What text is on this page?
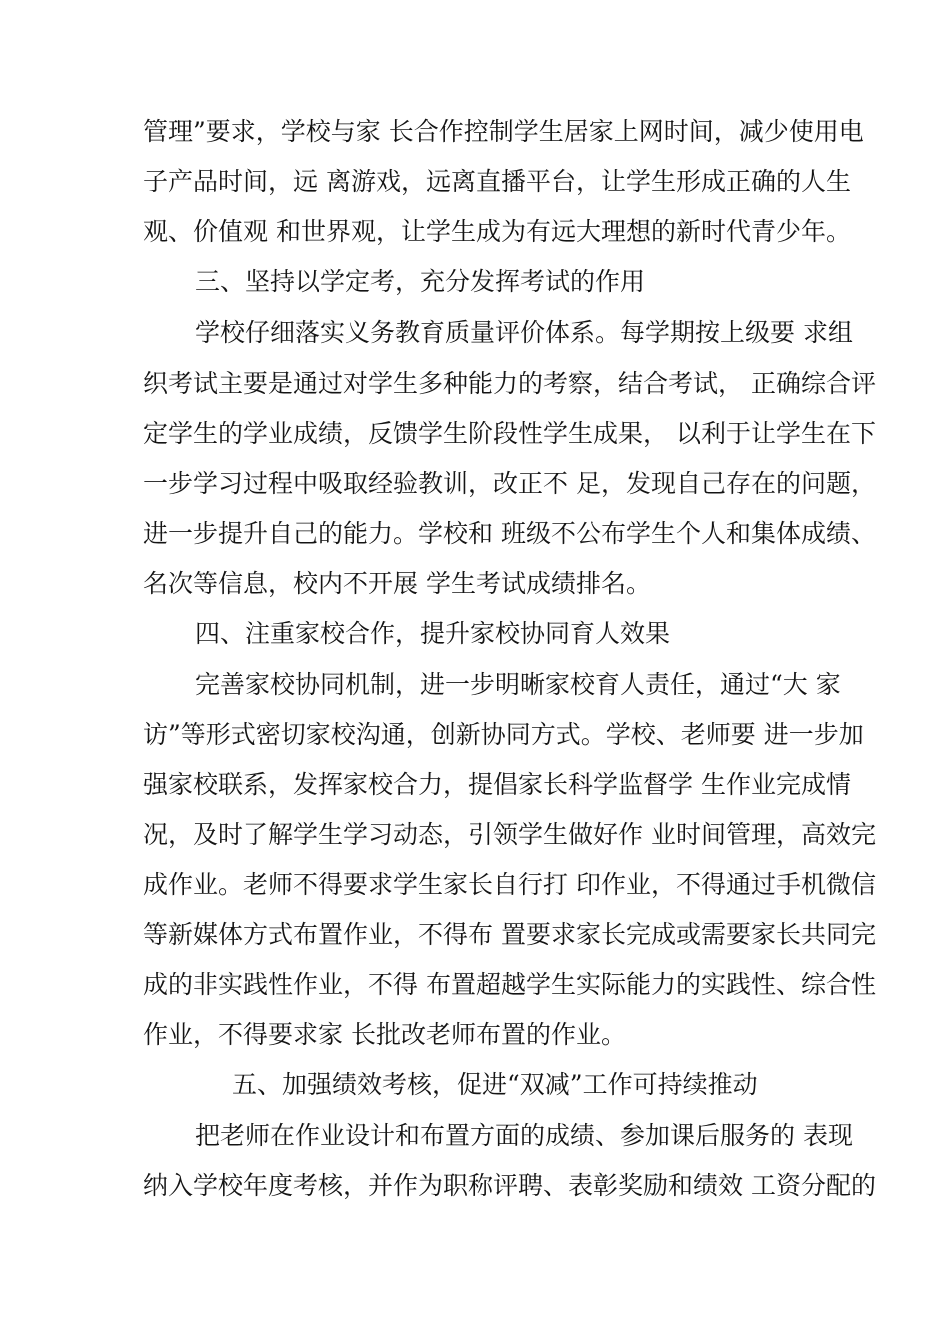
管理”要求，学校与家 长合作控制学生居家上网时间，减少使用电
子产品时间，远 离游戏，远离直播平台，让学生形成正确的人生
观、价值观 和世界观，让学生成为有远大理想的新时代青少年。
三、坚持以学定考，充分发挥考试的作用
学校仔细落实义务教育质量评价体系。每学期按上级要 求组
织考试主要是通过对学生多种能力的考察，结合考试， 正确综合评
定学生的学业成绩，反馈学生阶段性学生成果， 以利于让学生在下
一步学习过程中吸取经验教训，改正不 足，发现自己存在的问题，
进一步提升自己的能力。学校和 班级不公布学生个人和集体成绩、
名次等信息，校内不开展 学生考试成绩排名。
四、注重家校合作，提升家校协同育人效果
完善家校协同机制，进一步明晰家校育人责任，通过“大 家
访”等形式密切家校沟通，创新协同方式。学校、老师要 进一步加
强家校联系，发挥家校合力，提倡家长科学监督学 生作业完成情
况，及时了解学生学习动态，引领学生做好作 业时间管理，高效完
成作业。老师不得要求学生家长自行打 印作业，不得通过手机微信
等新媒体方式布置作业，不得布 置要求家长完成或需要家长共同完
成的非实践性作业，不得 布置超越学生实际能力的实践性、综合性
作业，不得要求家 长批改老师布置的作业。
五、加强绩效考核，促进“双减”工作可持续推动
把老师在作业设计和布置方面的成绩、参加课后服务的 表现
纳入学校年度考核，并作为职称评聘、表彰奖励和绩效 工资分配的
